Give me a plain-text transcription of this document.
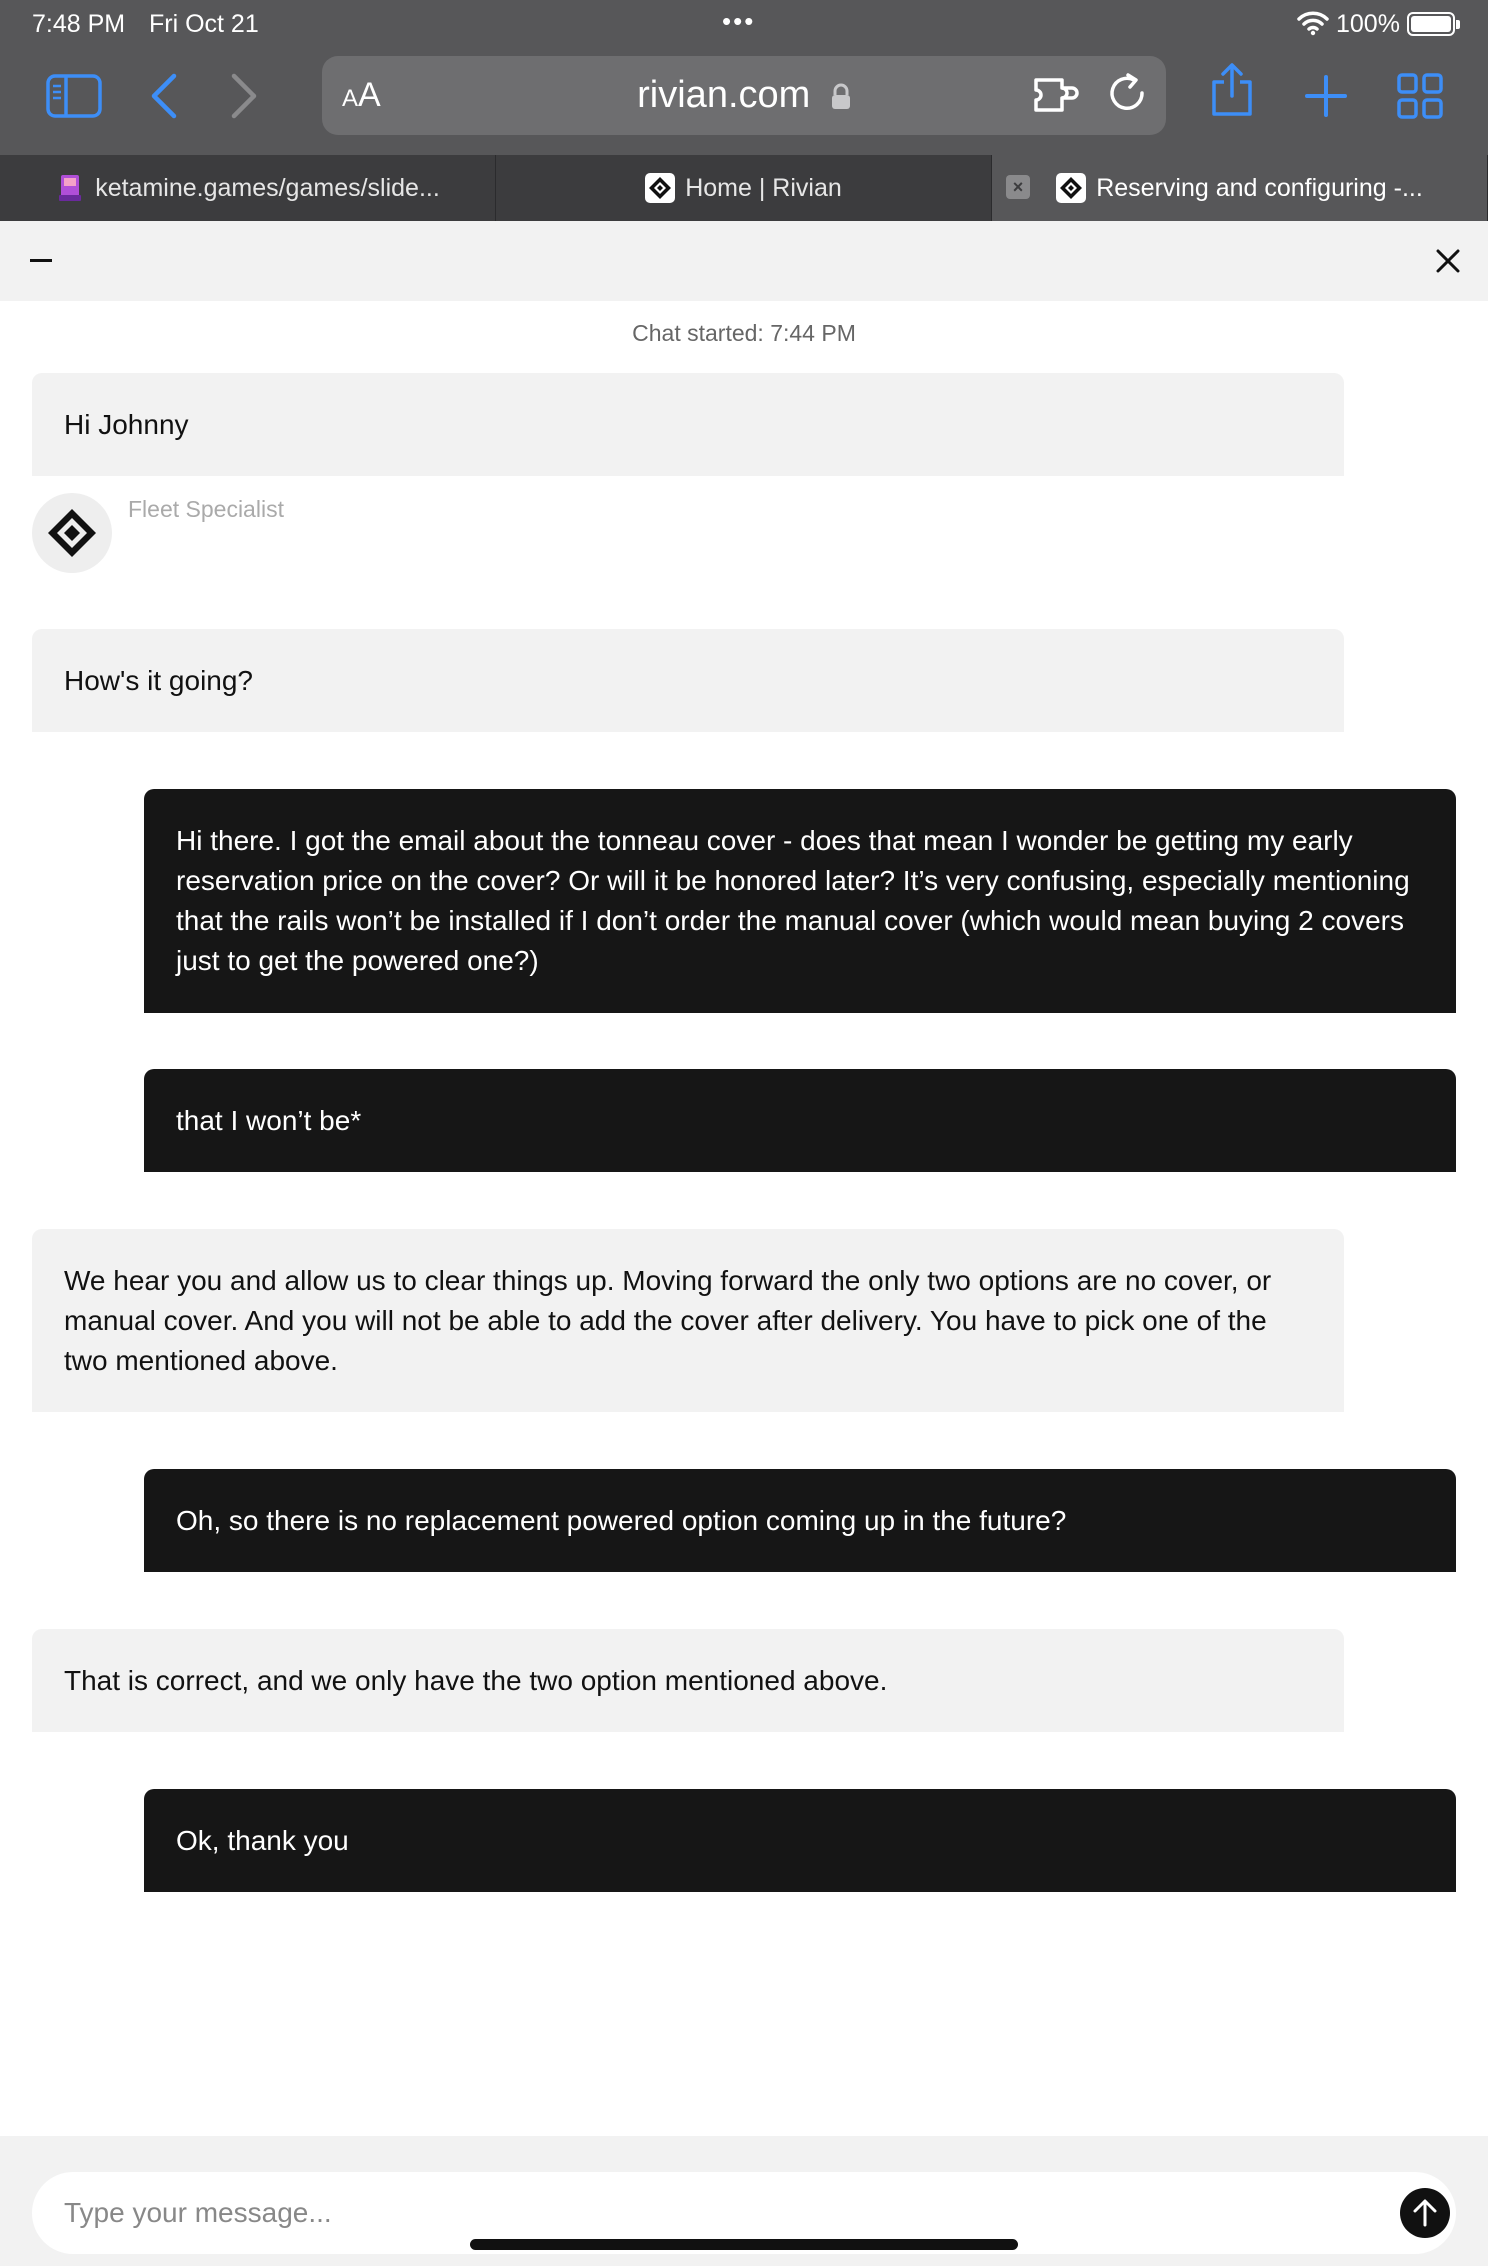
7:48 PM Fri Oct 21	•••	100%
AA	rivian.com
ketamine.games/games/slide...	Home | Rivian	×	Reserving and configuring -...
Chat started: 7:44 PM
Hi Johnny
Fleet Specialist
How's it going?
Hi there. I got the email about the tonneau cover - does that mean I wonder be getting my early reservation price on the cover? Or will it be honored later? It’s very confusing, especially mentioning that the rails won’t be installed if I don’t order the manual cover (which would mean buying 2 covers just to get the powered one?)
that I won’t be*
We hear you and allow us to clear things up. Moving forward the only two options are no cover, or manual cover. And you will not be able to add the cover after delivery. You have to pick one of the two mentioned above.
Oh, so there is no replacement powered option coming up in the future?
That is correct, and we only have the two option mentioned above.
Ok, thank you
Type your message...
